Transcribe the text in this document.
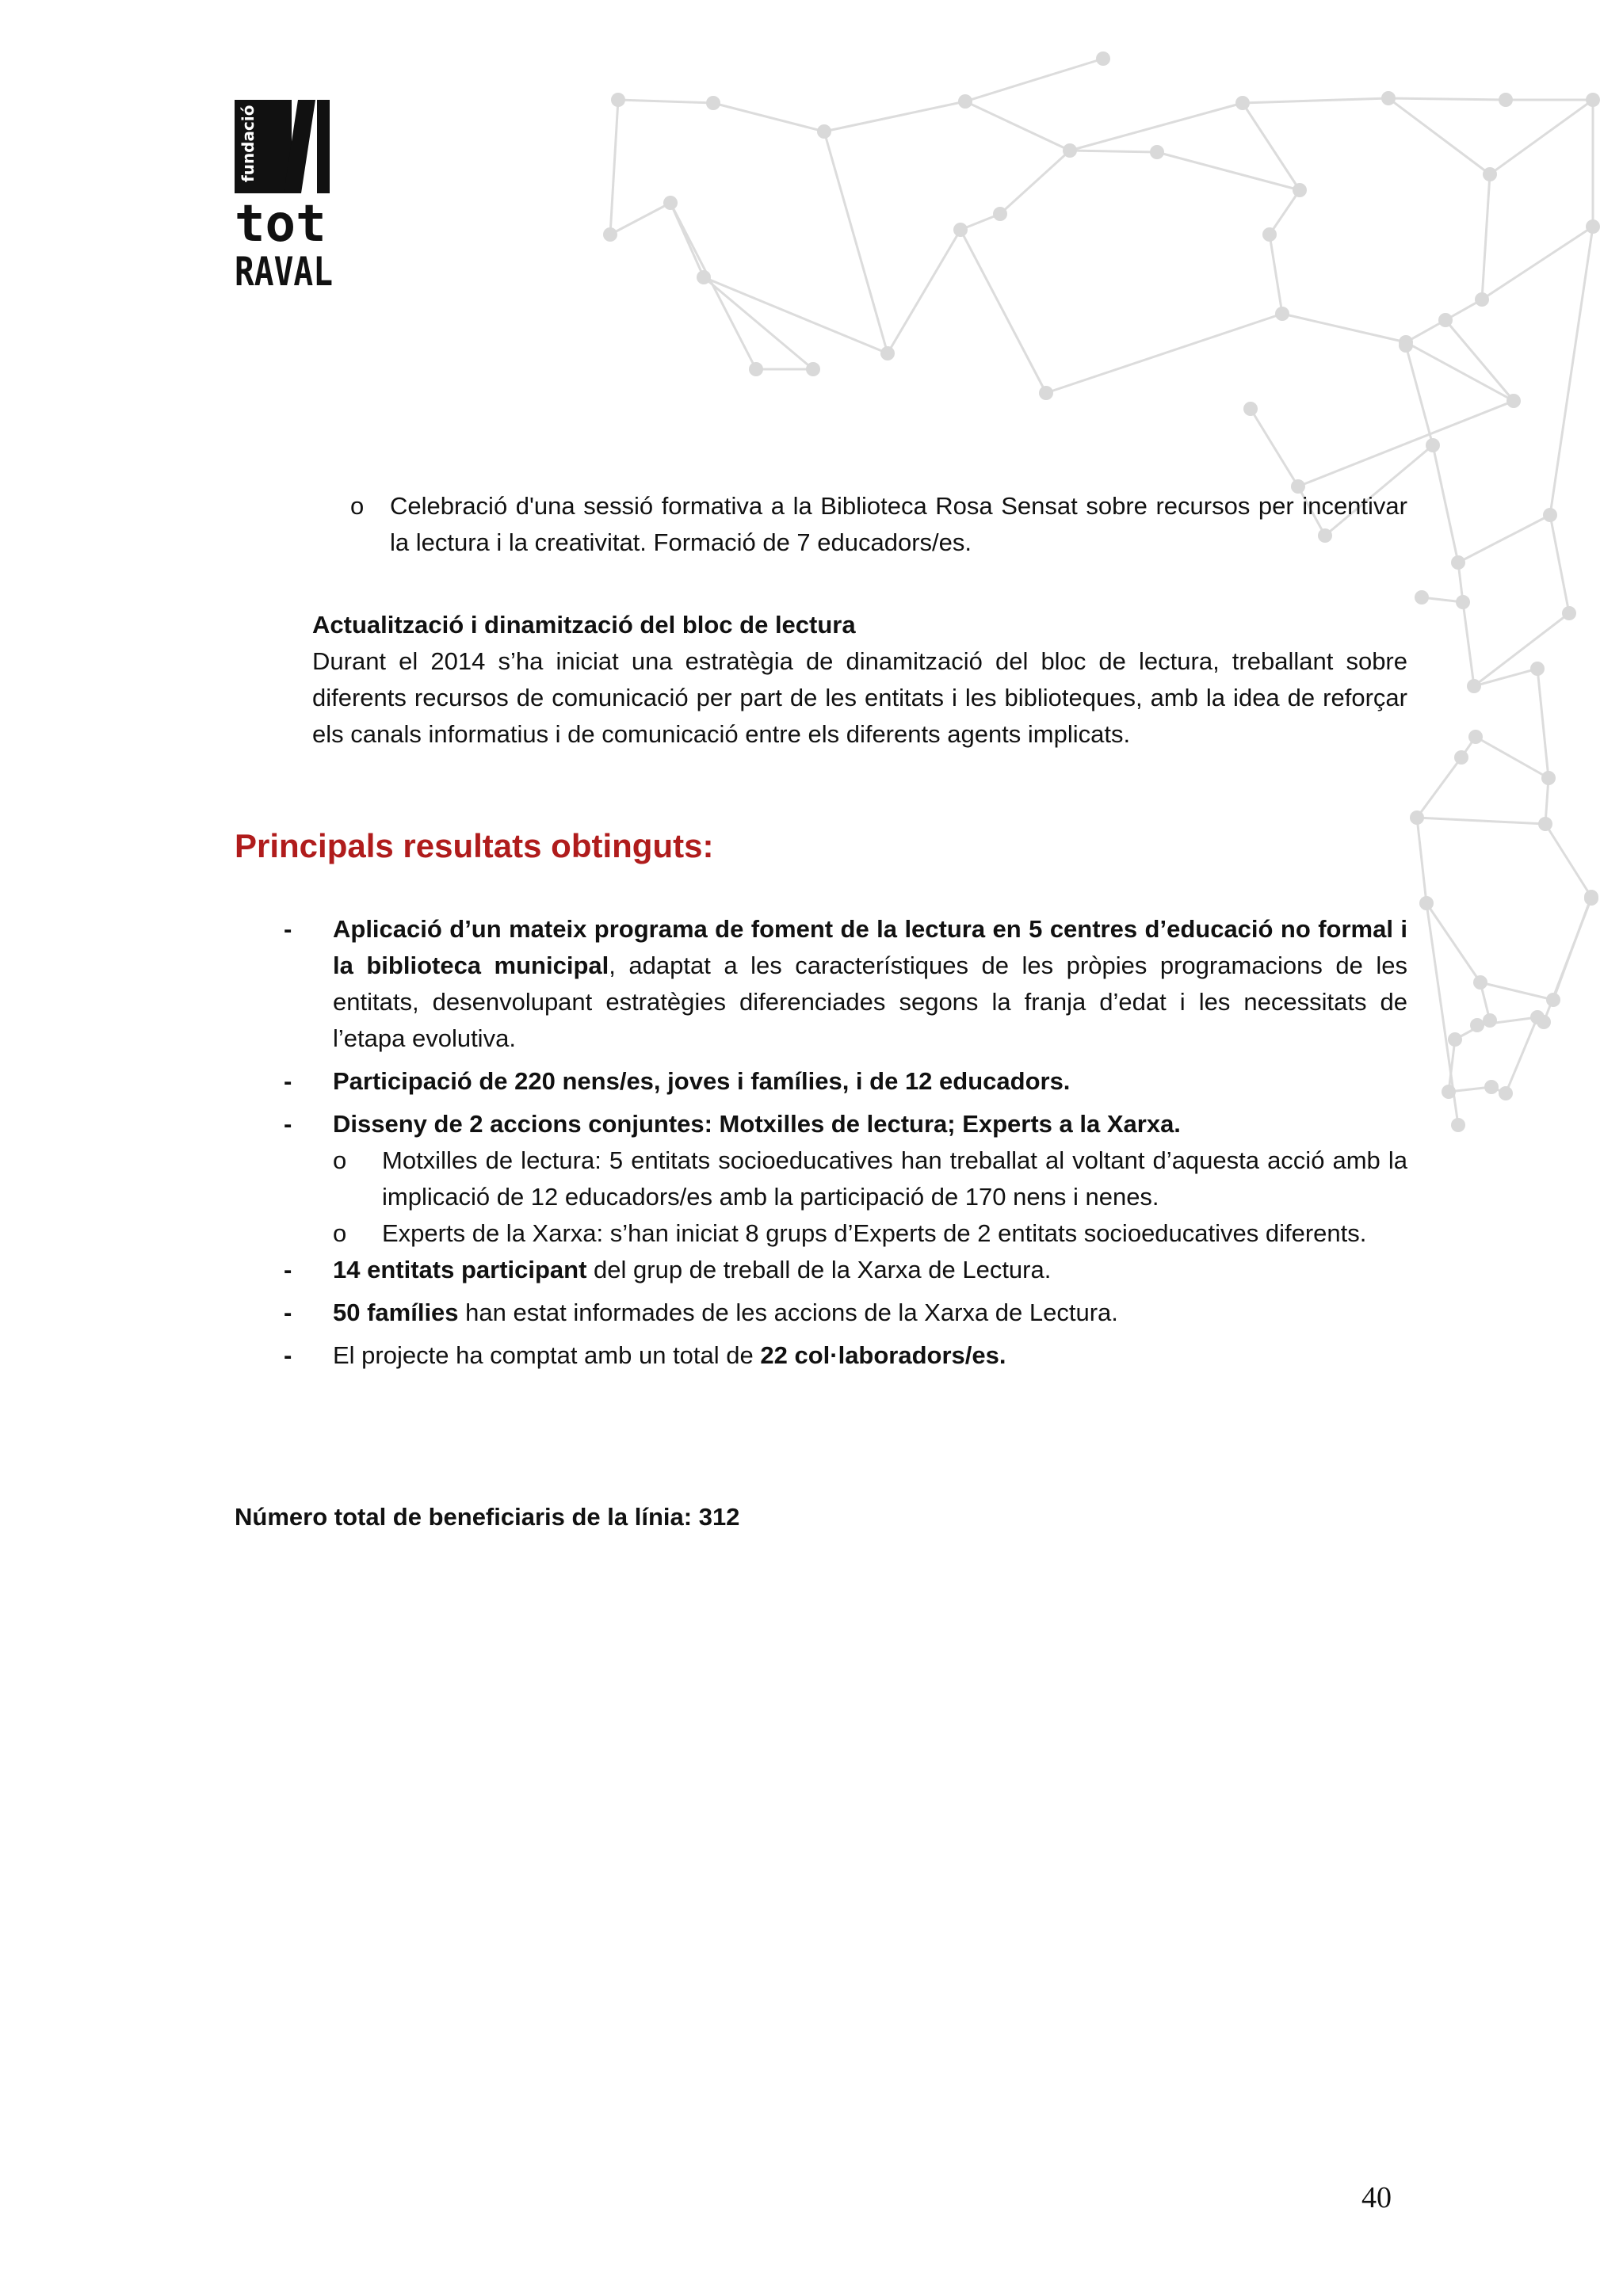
fundació
tot
RAVAL
o Celebració d'una sessió formativa a la Biblioteca Rosa Sensat sobre recursos per incentivar la lectura i la creativitat. Formació de 7 educadors/es.
Actualització i dinamització del bloc de lectura
Durant el 2014 s’ha iniciat una estratègia de dinamització del bloc de lectura, treballant sobre diferents recursos de comunicació per part de les entitats i les biblioteques, amb la idea de reforçar els canals informatius i de comunicació entre els diferents agents implicats.
Principals resultats obtinguts:
- Aplicació d’un mateix programa de foment de la lectura en 5 centres d’educació no formal i la biblioteca municipal, adaptat a les característiques de les pròpies programacions de les entitats, desenvolupant estratègies diferenciades segons la franja d’edat i les necessitats de l’etapa evolutiva.
- Participació de 220 nens/es, joves i famílies, i de 12 educadors.
- Disseny de 2 accions conjuntes: Motxilles de lectura; Experts a la Xarxa.
o Motxilles de lectura: 5 entitats socioeducatives han treballat al voltant d’aquesta acció amb la implicació de 12 educadors/es amb la participació de 170 nens i nenes.
o Experts de la Xarxa: s’han iniciat 8 grups d’Experts de 2 entitats socioeducatives diferents.
- 14 entitats participant del grup de treball de la Xarxa de Lectura.
- 50 famílies han estat informades de les accions de la Xarxa de Lectura.
- El projecte ha comptat amb un total de 22 col·laboradors/es.
Número total de beneficiaris de la línia: 312
40
